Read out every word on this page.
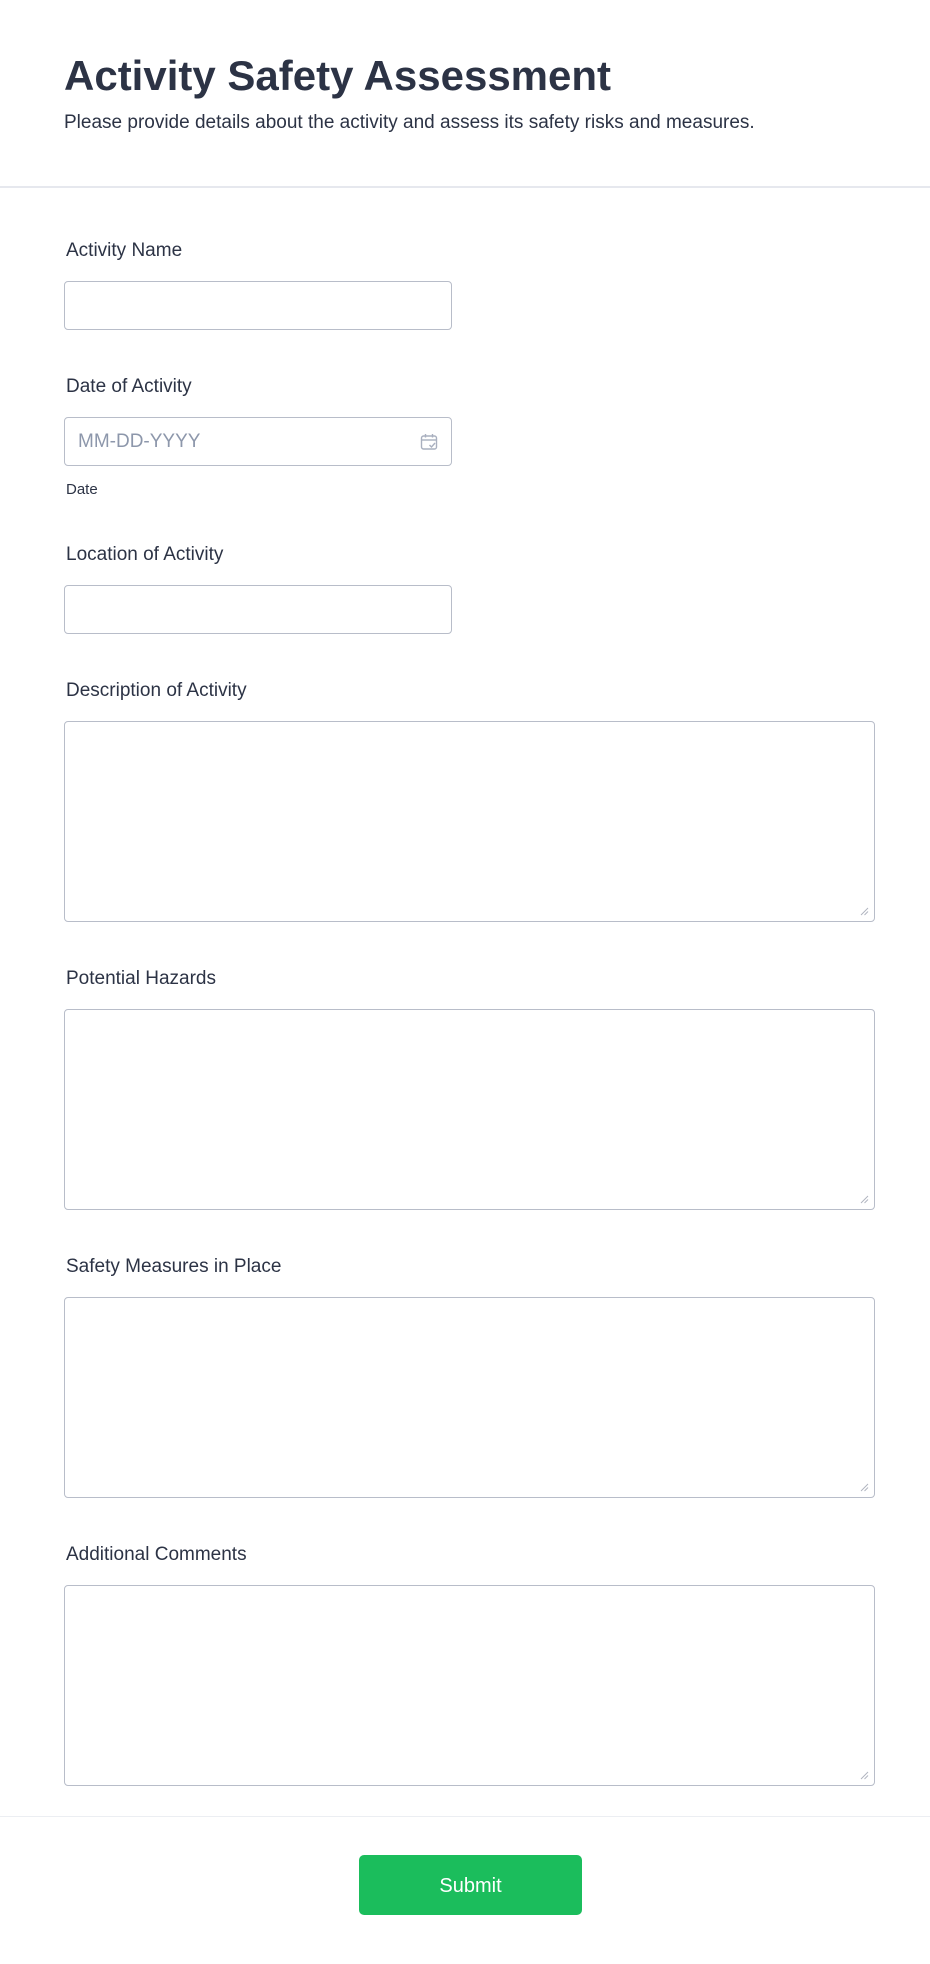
Activity Safety Assessment
Please provide details about the activity and assess its safety risks and measures.
Activity Name
Date of Activity
MM-DD-YYYY
Date
Location of Activity
Description of Activity
Potential Hazards
Safety Measures in Place
Additional Comments
Submit
